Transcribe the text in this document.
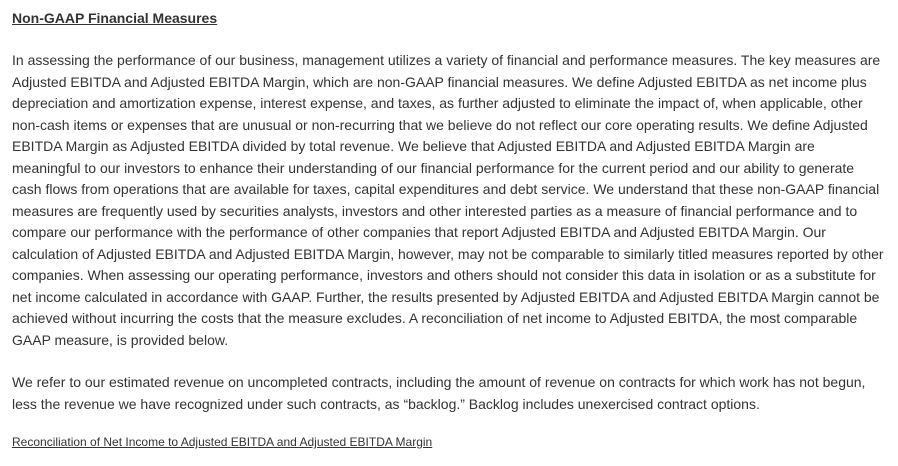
Non-GAAP Financial Measures

In assessing the performance of our business, management utilizes a variety of financial and performance measures. The key measures are Adjusted EBITDA and Adjusted EBITDA Margin, which are non-GAAP financial measures. We define Adjusted EBITDA as net income plus depreciation and amortization expense, interest expense, and taxes, as further adjusted to eliminate the impact of, when applicable, other non-cash items or expenses that are unusual or non-recurring that we believe do not reflect our core operating results. We define Adjusted EBITDA Margin as Adjusted EBITDA divided by total revenue. We believe that Adjusted EBITDA and Adjusted EBITDA Margin are meaningful to our investors to enhance their understanding of our financial performance for the current period and our ability to generate cash flows from operations that are available for taxes, capital expenditures and debt service. We understand that these non-GAAP financial measures are frequently used by securities analysts, investors and other interested parties as a measure of financial performance and to compare our performance with the performance of other companies that report Adjusted EBITDA and Adjusted EBITDA Margin. Our calculation of Adjusted EBITDA and Adjusted EBITDA Margin, however, may not be comparable to similarly titled measures reported by other companies. When assessing our operating performance, investors and others should not consider this data in isolation or as a substitute for net income calculated in accordance with GAAP. Further, the results presented by Adjusted EBITDA and Adjusted EBITDA Margin cannot be achieved without incurring the costs that the measure excludes. A reconciliation of net income to Adjusted EBITDA, the most comparable GAAP measure, is provided below.

We refer to our estimated revenue on uncompleted contracts, including the amount of revenue on contracts for which work has not begun, less the revenue we have recognized under such contracts, as “backlog.” Backlog includes unexercised contract options.

Reconciliation of Net Income to Adjusted EBITDA and Adjusted EBITDA Margin
